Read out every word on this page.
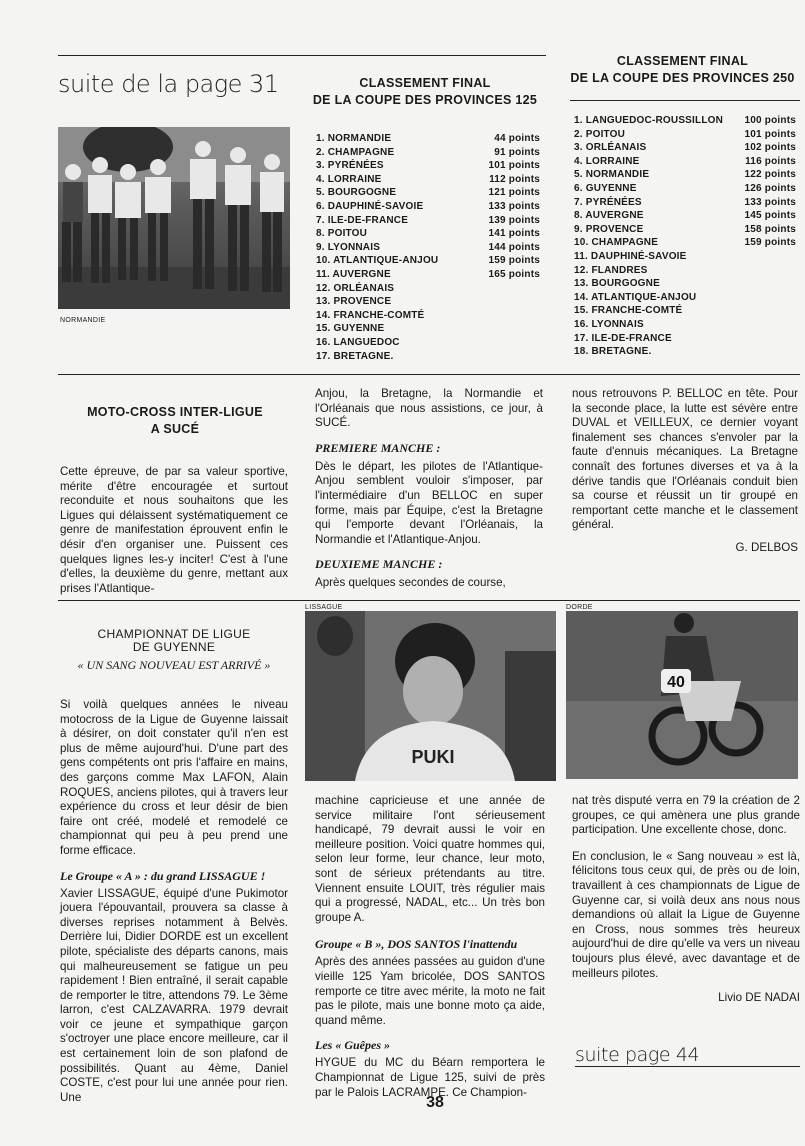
suite de la page 31
NORMANDIE
CLASSEMENT FINAL
DE LA COUPE DES PROVINCES 125
1. NORMANDIE	44 points
2. CHAMPAGNE	91 points
3. PYRÉNÉES	101 points
4. LORRAINE	112 points
5. BOURGOGNE	121 points
6. DAUPHINÉ-SAVOIE	133 points
7. ILE-DE-FRANCE	139 points
8. POITOU	141 points
9. LYONNAIS	144 points
10. ATLANTIQUE-ANJOU	159 points
11. AUVERGNE	165 points
12. ORLÉANAIS
13. PROVENCE
14. FRANCHE-COMTÉ
15. GUYENNE
16. LANGUEDOC
17. BRETAGNE.
CLASSEMENT FINAL
DE LA COUPE DES PROVINCES 250
1. LANGUEDOC-ROUSSILLON 100 points
2. POITOU	101 points
3. ORLÉANAIS	102 points
4. LORRAINE	116 points
5. NORMANDIE	122 points
6. GUYENNE	126 points
7. PYRÉNÉES	133 points
8. AUVERGNE	145 points
9. PROVENCE	158 points
10. CHAMPAGNE	159 points
11. DAUPHINÉ-SAVOIE
12. FLANDRES
13. BOURGOGNE
14. ATLANTIQUE-ANJOU
15. FRANCHE-COMTÉ
16. LYONNAIS
17. ILE-DE-FRANCE
18. BRETAGNE.
MOTO-CROSS INTER-LIGUE
A SUCÉ

Cette épreuve, de par sa valeur sportive, mérite d'être encouragée et surtout reconduite et nous souhaitons que les Ligues qui délaissent systématiquement ce genre de manifestation éprouvent enfin le désir d'en organiser une. Puissent ces quelques lignes les-y inciter! C'est à l'une d'elles, la deuxième du genre, mettant aux prises l'Atlantique-

Anjou, la Bretagne, la Normandie et l'Orléanais que nous assistions, ce jour, à SUCÉ.

PREMIERE MANCHE :

Dès le départ, les pilotes de l'Atlantique-Anjou semblent vouloir s'imposer, par l'intermédiaire d'un BELLOC en super forme, mais par Équipe, c'est la Bretagne qui l'emporte devant l'Orléanais, la Normandie et l'Atlantique-Anjou.

DEUXIEME MANCHE :

Après quelques secondes de course,

nous retrouvons P. BELLOC en tête. Pour la seconde place, la lutte est sévère entre DUVAL et VEILLEUX, ce dernier voyant finalement ses chances s'envoler par la faute d'ennuis mécaniques. La Bretagne connaît des fortunes diverses et va à la dérive tandis que l'Orléanais conduit bien sa course et réussit un tir groupé en remportant cette manche et le classement général.

G. DELBOS

CHAMPIONNAT DE LIGUE
DE GUYENNE
« UN SANG NOUVEAU EST ARRIVÉ »

Si voilà quelques années le niveau motocross de la Ligue de Guyenne laissait à désirer, on doit constater qu'il n'en est plus de même aujourd'hui. D'une part des gens compétents ont pris l'affaire en mains, des garçons comme Max LAFON, Alain ROQUES, anciens pilotes, qui à travers leur expérience du cross et leur désir de bien faire ont créé, modelé et remodelé ce championnat qui peu à peu prend une forme efficace.

Le Groupe « A » : du grand LISSAGUE !

Xavier LISSAGUE, équipé d'une Pukimotor jouera l'épouvantail, prouvera sa classe à diverses reprises notamment à Belvès. Derrière lui, Didier DORDE est un excellent pilote, spécialiste des départs canons, mais qui malheureusement se fatigue un peu rapidement ! Bien entraîné, il serait capable de remporter le titre, attendons 79. Le 3ème larron, c'est CALZAVARRA. 1979 devrait voir ce jeune et sympathique garçon s'octroyer une place encore meilleure, car il est certainement loin de son plafond de possibilités. Quant au 4ème, Daniel COSTE, c'est pour lui une année pour rien. Une

LISSAGUE
PUKI
DORDE
40

machine capricieuse et une année de service militaire l'ont sérieusement handicapé, 79 devrait aussi le voir en meilleure position. Voici quatre hommes qui, selon leur forme, leur chance, leur moto, sont de sérieux prétendants au titre. Viennent ensuite LOUIT, très régulier mais qui a progressé, NADAL, etc... Un très bon groupe A.

Groupe « B », DOS SANTOS l'inattendu

Après des années passées au guidon d'une vieille 125 Yam bricolée, DOS SANTOS remporte ce titre avec mérite, la moto ne fait pas le pilote, mais une bonne moto ça aide, quand même.

Les « Guêpes »

HYGUE du MC du Béarn remportera le Championnat de Ligue 125, suivi de près par le Palois LACRAMPE. Ce Champion-

nat très disputé verra en 79 la création de 2 groupes, ce qui amènera une plus grande participation. Une excellente chose, donc.

En conclusion, le « Sang nouveau » est là, félicitons tous ceux qui, de près ou de loin, travaillent à ces championnats de Ligue de Guyenne car, si voilà deux ans nous nous demandions où allait la Ligue de Guyenne en Cross, nous sommes très heureux aujourd'hui de dire qu'elle va vers un niveau toujours plus élevé, avec davantage et de meilleurs pilotes.

Livio DE NADAI

suite page 44
38
